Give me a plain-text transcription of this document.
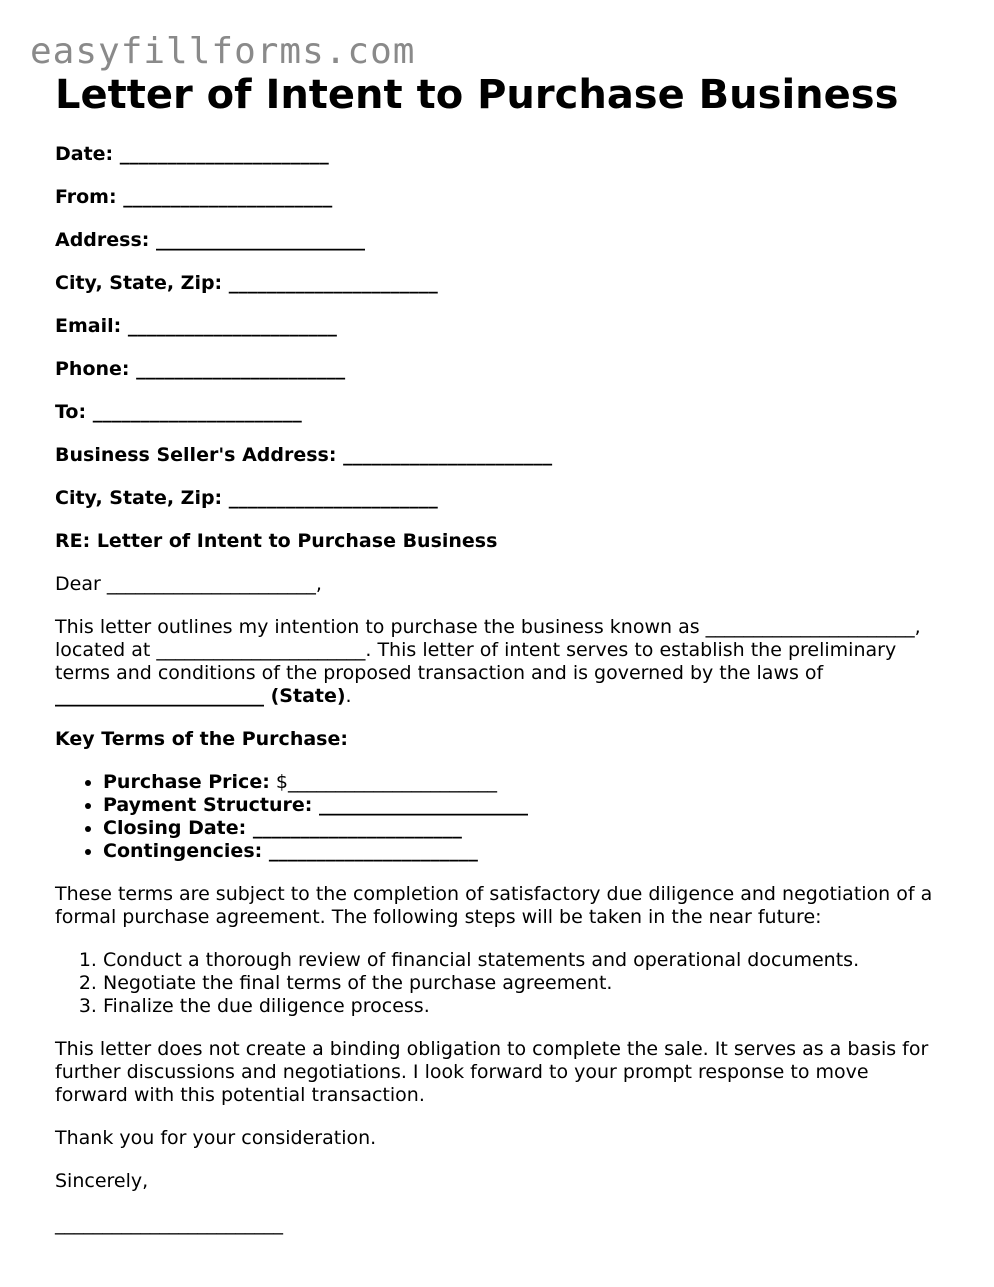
easyfillforms.com
Letter of Intent to Purchase Business

Date: ______________________

From: ______________________

Address: ______________________

City, State, Zip: ______________________

Email: ______________________

Phone: ______________________

To: ______________________

Business Seller's Address: ______________________

City, State, Zip: ______________________

RE: Letter of Intent to Purchase Business

Dear ______________________,

This letter outlines my intention to purchase the business known as ______________________, located at ______________________. This letter of intent serves to establish the preliminary terms and conditions of the proposed transaction and is governed by the laws of ______________________ (State).

Key Terms of the Purchase:

• Purchase Price: $______________________
• Payment Structure: ______________________
• Closing Date: ______________________
• Contingencies: ______________________

These terms are subject to the completion of satisfactory due diligence and negotiation of a formal purchase agreement. The following steps will be taken in the near future:

1. Conduct a thorough review of financial statements and operational documents.
2. Negotiate the final terms of the purchase agreement.
3. Finalize the due diligence process.

This letter does not create a binding obligation to complete the sale. It serves as a basis for further discussions and negotiations. I look forward to your prompt response to move forward with this potential transaction.

Thank you for your consideration.

Sincerely,

________________________
